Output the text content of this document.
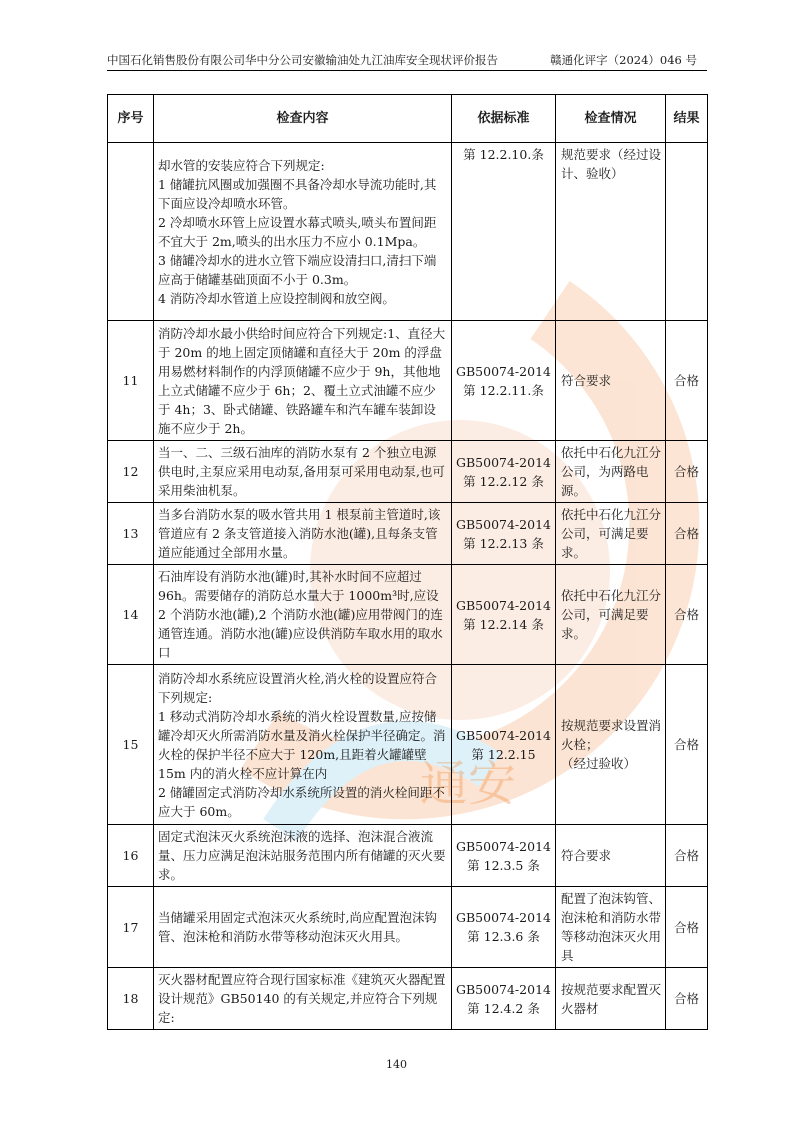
中国石化销售股份有限公司华中分公司安徽输油处九江油库安全现状评价报告	赣通化评字（2024）046 号
通安
序号	检查内容	依据标准	检查情况	结果

	却水管的安装应符合下列规定:
1 储罐抗风圈或加强圈不具备冷却水导流功能时,其下面应设冷却喷水环管。
2 冷却喷水环管上应设置水幕式喷头,喷头布置间距不宜大于 2m,喷头的出水压力不应小 0.1Mpa。
3 储罐冷却水的进水立管下端应设清扫口,清扫下端应高于储罐基础顶面不小于 0.3m。
4 消防冷却水管道上应设控制阀和放空阀。	第 12.2.10.条	规范要求（经过设计、验收）	

11	消防冷却水最小供给时间应符合下列规定:1、直径大于 20m 的地上固定顶储罐和直径大于 20m 的浮盘用易燃材料制作的内浮顶储罐不应少于 9h，其他地上立式储罐不应少于 6h；2、覆土立式油罐不应少于 4h；3、卧式储罐、铁路罐车和汽车罐车装卸设施不应少于 2h。	GB50074-2014
第 12.2.11.条	符合要求	合格
12	当一、二、三级石油库的消防水泵有 2 个独立电源供电时,主泵应采用电动泵,备用泵可采用电动泵,也可采用柴油机泵。	GB50074-2014
第 12.2.12 条	依托中石化九江分公司，为两路电源。	合格
13	当多台消防水泵的吸水管共用 1 根泵前主管道时,该管道应有 2 条支管道接入消防水池(罐),且每条支管道应能通过全部用水量。	GB50074-2014
第 12.2.13 条	依托中石化九江分公司，可满足要求。	合格
14	石油库设有消防水池(罐)时,其补水时间不应超过 96h。需要储存的消防总水量大于 1000m³时,应设 2 个消防水池(罐),2 个消防水池(罐)应用带阀门的连通管连通。消防水池(罐)应设供消防车取水用的取水口	GB50074-2014
第 12.2.14 条	依托中石化九江分公司，可满足要求。	合格
15	消防冷却水系统应设置消火栓,消火栓的设置应符合下列规定:
1 移动式消防冷却水系统的消火栓设置数量,应按储罐冷却灭火所需消防水量及消火栓保护半径确定。消火栓的保护半径不应大于 120m,且距着火罐罐壁 15m 内的消火栓不应计算在内
2 储罐固定式消防冷却水系统所设置的消火栓间距不应大于 60m。	GB50074-2014
第 12.2.15	按规范要求设置消火栓；
（经过验收）	合格
16	固定式泡沫灭火系统泡沫液的选择、泡沫混合液流量、压力应满足泡沫站服务范围内所有储罐的灭火要求。	GB50074-2014
第 12.3.5 条	符合要求	合格
17	当储罐采用固定式泡沫灭火系统时,尚应配置泡沫钩管、泡沫枪和消防水带等移动泡沫灭火用具。	GB50074-2014
第 12.3.6 条	配置了泡沫钩管、泡沫枪和消防水带等移动泡沫灭火用具	合格
18	灭火器材配置应符合现行国家标准《建筑灭火器配置设计规范》GB50140 的有关规定,并应符合下列规定:	GB50074-2014
第 12.4.2 条	按规范要求配置灭火器材	合格
140
